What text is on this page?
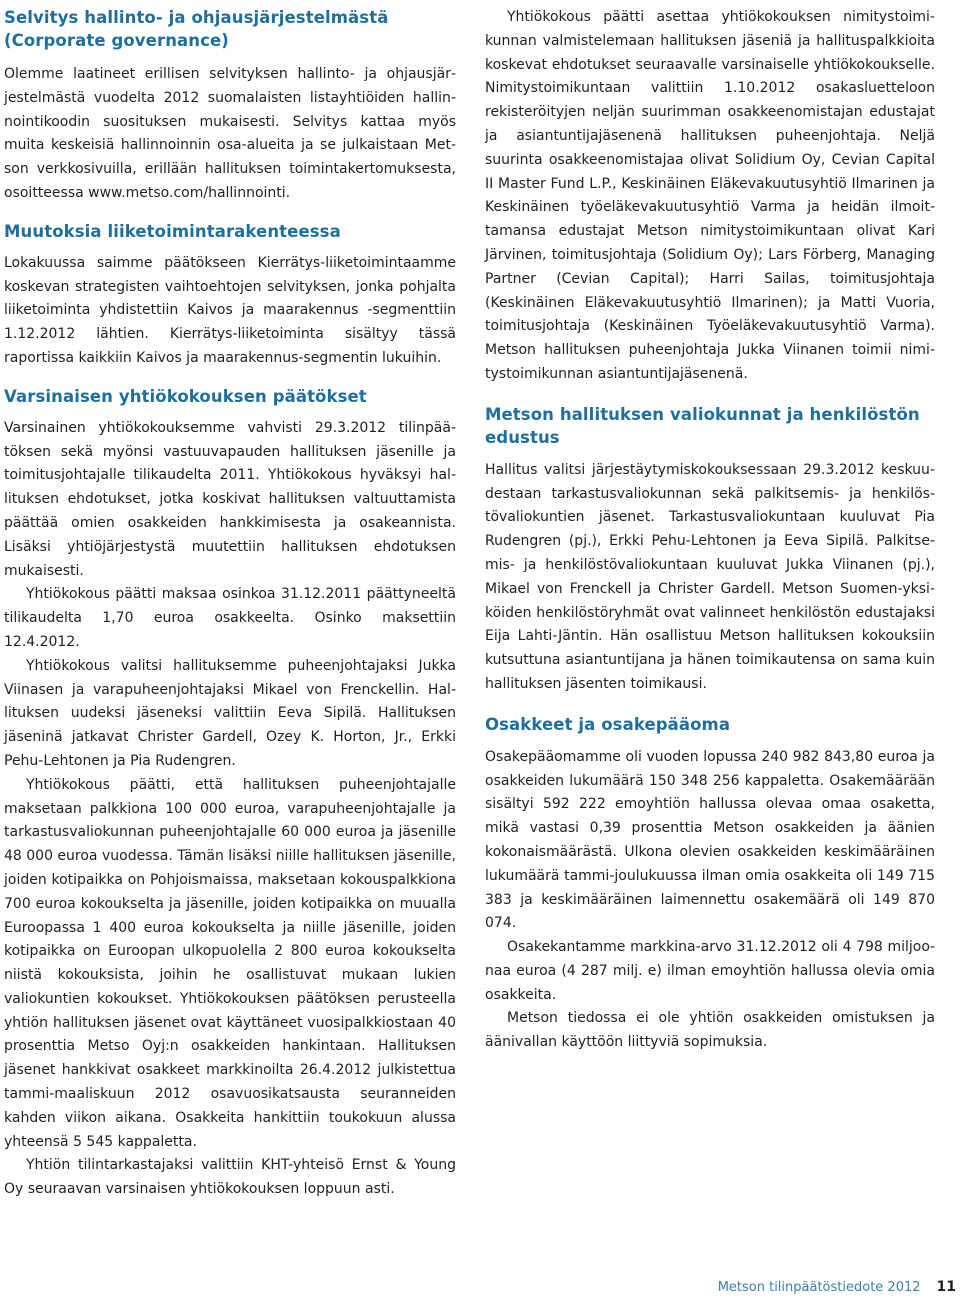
Selvitys hallinto- ja ohjausjärjestelmästä (Corporate governance)

Olemme laatineet erillisen selvityksen hallinto- ja ohjausjärjestelmästä vuodelta 2012 suomalaisten listayhtiöiden hallinnointikoodin suosituksen mukaisesti. Selvitys kattaa myös muita keskeisiä hallinnoinnin osa-alueita ja se julkaistaan Metson verkkosivuilla, erillään hallituksen toimintakertomuksesta, osoitteessa www.metso.com/hallinnointi.

Muutoksia liiketoimintarakenteessa

Lokakuussa saimme päätökseen Kierrätys-liiketoimintaamme koskevan strategisten vaihtoehtojen selvityksen, jonka pohjalta liiketoiminta yhdistettiin Kaivos ja maarakennus -segmenttiin 1.12.2012 lähtien. Kierrätys-liiketoiminta sisältyy tässä raportissa kaikkiin Kaivos ja maarakennus-segmentin lukuihin.

Varsinaisen yhtiökokouksen päätökset

Varsinainen yhtiökokouksemme vahvisti 29.3.2012 tilinpäätöksen sekä myönsi vastuuvapauden hallituksen jäsenille ja toimitusjohtajalle tilikaudelta 2011. Yhtiökokous hyväksyi hallituksen ehdotukset, jotka koskivat hallituksen valtuuttamista päättää omien osakkeiden hankkimisesta ja osakeannista. Lisäksi yhtiöjärjestystä muutettiin hallituksen ehdotuksen mukaisesti.

Yhtiökokous päätti maksaa osinkoa 31.12.2011 päättyneeltä tilikaudelta 1,70 euroa osakkeelta. Osinko maksettiin 12.4.2012.

Yhtiökokous valitsi hallituksemme puheenjohtajaksi Jukka Viinasen ja varapuheenjohtajaksi Mikael von Frenckellin. Hallituksen uudeksi jäseneksi valittiin Eeva Sipilä. Hallituksen jäseninä jatkavat Christer Gardell, Ozey K. Horton, Jr., Erkki Pehu-Lehtonen ja Pia Rudengren.

Yhtiökokous päätti, että hallituksen puheenjohtajalle maksetaan palkkiona 100 000 euroa, varapuheenjohtajalle ja tarkastusvaliokunnan puheenjohtajalle 60 000 euroa ja jäsenille 48 000 euroa vuodessa. Tämän lisäksi niille hallituksen jäsenille, joiden kotipaikka on Pohjoismaissa, maksetaan kokouspalkkiona 700 euroa kokoukselta ja jäsenille, joiden kotipaikka on muualla Euroopassa 1 400 euroa kokoukselta ja niille jäsenille, joiden kotipaikka on Euroopan ulkopuolella 2 800 euroa kokoukselta niistä kokouksista, joihin he osallistuvat mukaan lukien valiokuntien kokoukset. Yhtiökokouksen päätöksen perusteella yhtiön hallituksen jäsenet ovat käyttäneet vuosipalkkiostaan 40 prosenttia Metso Oyj:n osakkeiden hankintaan. Hallituksen jäsenet hankkivat osakkeet markkinoilta 26.4.2012 julkistettua tammi-maaliskuun 2012 osavuosikatsausta seuranneiden kahden viikon aikana. Osakkeita hankittiin toukokuun alussa yhteensä 5 545 kappaletta.

Yhtiön tilintarkastajaksi valittiin KHT-yhteisö Ernst & Young Oy seuraavan varsinaisen yhtiökokouksen loppuun asti.

Yhtiökokous päätti asettaa yhtiökokouksen nimitystoimikunnan valmistelemaan hallituksen jäseniä ja hallituspalkkioita koskevat ehdotukset seuraavalle varsinaiselle yhtiökokoukselle. Nimitystoimikuntaan valittiin 1.10.2012 osakasluetteloon rekisteröityjen neljän suurimman osakkeenomistajan edustajat ja asiantuntijajäsenenä hallituksen puheenjohtaja. Neljä suurinta osakkeenomistajaa olivat Solidium Oy, Cevian Capital II Master Fund L.P., Keskinäinen Eläkevakuutusyhtiö Ilmarinen ja Keskinäinen työeläkevakuutusyhtiö Varma ja heidän ilmoittamansa edustajat Metson nimitystoimikuntaan olivat Kari Järvinen, toimitusjohtaja (Solidium Oy); Lars Förberg, Managing Partner (Cevian Capital); Harri Sailas, toimitusjohtaja (Keskinäinen Eläkevakuutusyhtiö Ilmarinen); ja Matti Vuoria, toimitusjohtaja (Keskinäinen Työeläkevakuutusyhtiö Varma). Metson hallituksen puheenjohtaja Jukka Viinanen toimii nimitystoimikunnan asiantuntijajäsenenä.

Metson hallituksen valiokunnat ja henkilöstön edustus

Hallitus valitsi järjestäytymiskokouksessaan 29.3.2012 keskuudestaan tarkastusvaliokunnan sekä palkitsemis- ja henkilöstövaliokuntien jäsenet. Tarkastusvaliokuntaan kuuluvat Pia Rudengren (pj.), Erkki Pehu-Lehtonen ja Eeva Sipilä. Palkitsemis- ja henkilöstövaliokuntaan kuuluvat Jukka Viinanen (pj.), Mikael von Frenckell ja Christer Gardell. Metson Suomen-yksiköiden henkilöstöryhmät ovat valinneet henkilöstön edustajaksi Eija Lahti-Jäntin. Hän osallistuu Metson hallituksen kokouksiin kutsuttuna asiantuntijana ja hänen toimikautensa on sama kuin hallituksen jäsenten toimikausi.

Osakkeet ja osakepääoma

Osakepääomamme oli vuoden lopussa 240 982 843,80 euroa ja osakkeiden lukumäärä 150 348 256 kappaletta. Osakemäärään sisältyi 592 222 emoyhtiön hallussa olevaa omaa osaketta, mikä vastasi 0,39 prosenttia Metson osakkeiden ja äänien kokonaismäärästä. Ulkona olevien osakkeiden keskimääräinen lukumäärä tammi-joulukuussa ilman omia osakkeita oli 149 715 383 ja keskimääräinen laimennettu osakemäärä oli 149 870 074.

Osakekantamme markkina-arvo 31.12.2012 oli 4 798 miljoonaa euroa (4 287 milj. e) ilman emoyhtiön hallussa olevia omia osakkeita.

Metson tiedossa ei ole yhtiön osakkeiden omistuksen ja äänivallan käyttöön liittyviä sopimuksia.

Metson tilinpäätöstiedote 2012 11
